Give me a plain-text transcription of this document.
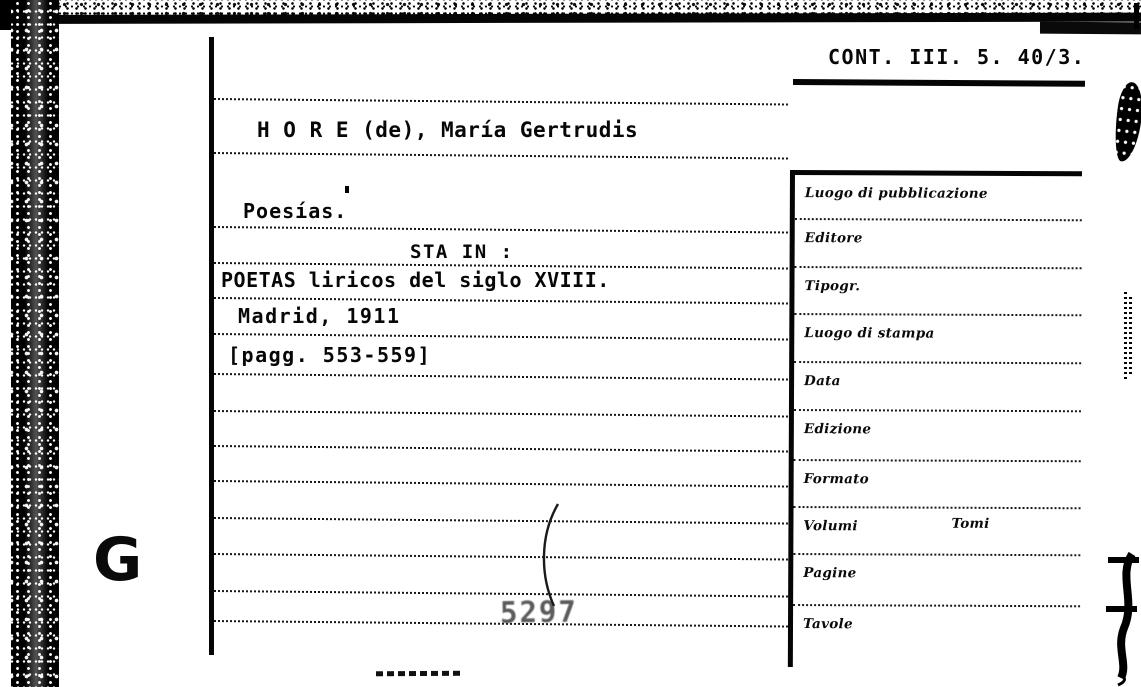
CONT. III. 5. 40/3.
H O R E (de), María Gertrudis
Poesías.
STA IN :
POETAS liricos del siglo XVIII.
Madrid, 1911
[pagg. 553-559]
G
5297
Luogo di pubblicazione
Editore
Tipogr.
Luogo di stampa
Data
Edizione
Formato
Volumi	Tomi
Pagine
Tavole
